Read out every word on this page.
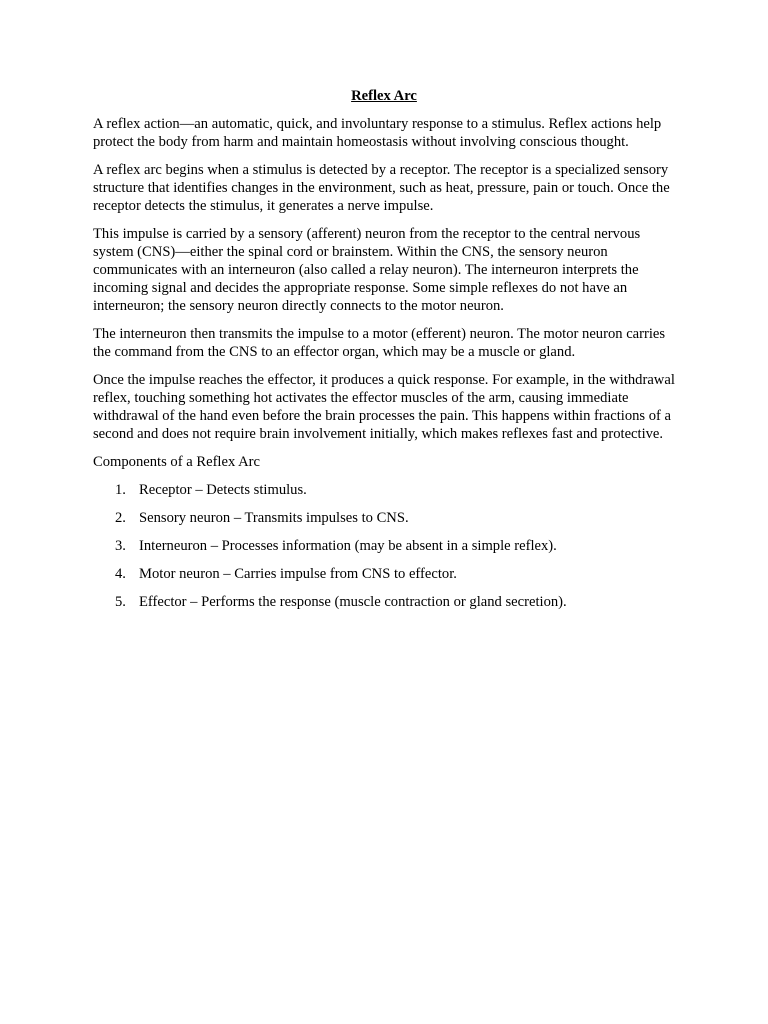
Reflex Arc

A reflex action—an automatic, quick, and involuntary response to a stimulus. Reflex actions help protect the body from harm and maintain homeostasis without involving conscious thought.

A reflex arc begins when a stimulus is detected by a receptor. The receptor is a specialized sensory structure that identifies changes in the environment, such as heat, pressure, pain or touch. Once the receptor detects the stimulus, it generates a nerve impulse.

This impulse is carried by a sensory (afferent) neuron from the receptor to the central nervous system (CNS)—either the spinal cord or brainstem. Within the CNS, the sensory neuron communicates with an interneuron (also called a relay neuron). The interneuron interprets the incoming signal and decides the appropriate response. Some simple reflexes do not have an interneuron; the sensory neuron directly connects to the motor neuron.

The interneuron then transmits the impulse to a motor (efferent) neuron. The motor neuron carries the command from the CNS to an effector organ, which may be a muscle or gland.

Once the impulse reaches the effector, it produces a quick response. For example, in the withdrawal reflex, touching something hot activates the effector muscles of the arm, causing immediate withdrawal of the hand even before the brain processes the pain. This happens within fractions of a second and does not require brain involvement initially, which makes reflexes fast and protective.

Components of a Reflex Arc

1. Receptor – Detects stimulus.
2. Sensory neuron – Transmits impulses to CNS.
3. Interneuron – Processes information (may be absent in a simple reflex).
4. Motor neuron – Carries impulse from CNS to effector.
5. Effector – Performs the response (muscle contraction or gland secretion).
